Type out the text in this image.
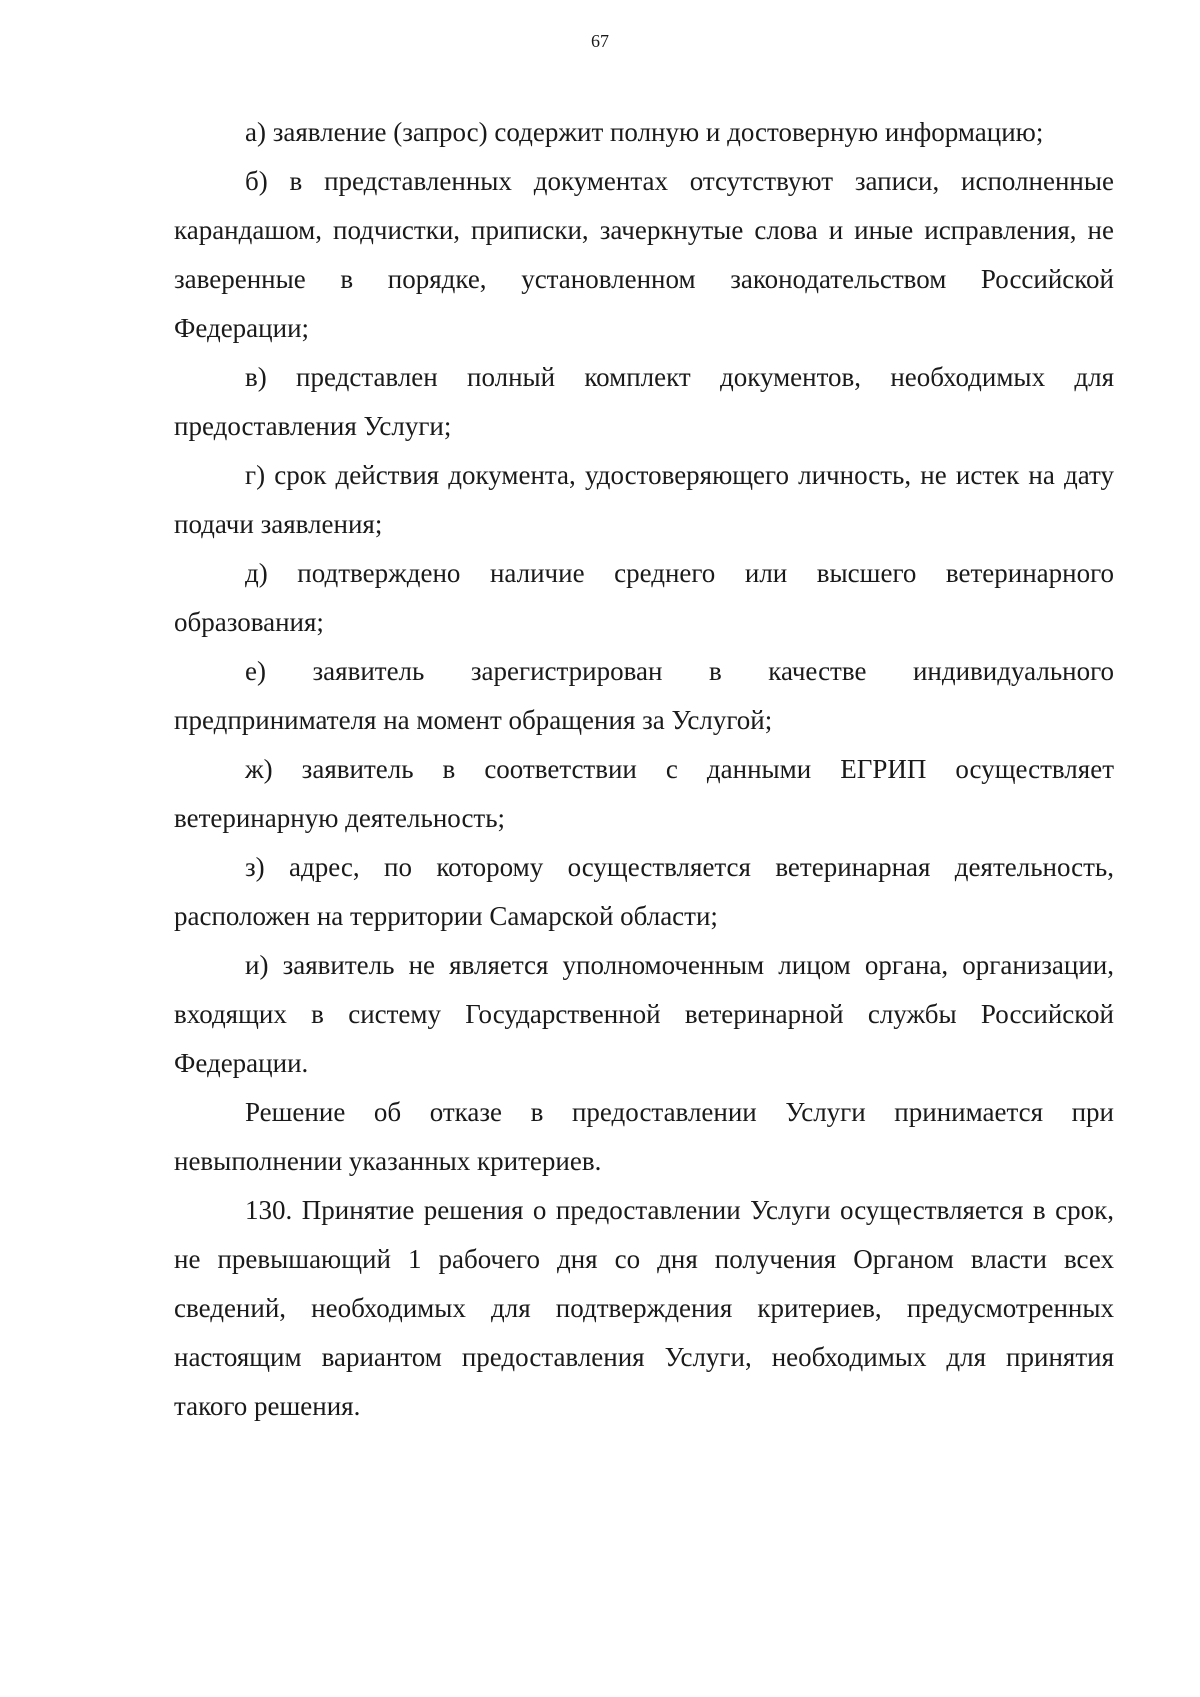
67

а) заявление (запрос) содержит полную и достоверную информацию;

б) в представленных документах отсутствуют записи, исполненные карандашом, подчистки, приписки, зачеркнутые слова и иные исправления, не заверенные в порядке, установленном законодательством Российской Федерации;

в) представлен полный комплект документов, необходимых для предоставления Услуги;

г) срок действия документа, удостоверяющего личность, не истек на дату подачи заявления;

д) подтверждено наличие среднего или высшего ветеринарного образования;

е) заявитель зарегистрирован в качестве индивидуального предпринимателя на момент обращения за Услугой;

ж) заявитель в соответствии с данными ЕГРИП осуществляет ветеринарную деятельность;

з) адрес, по которому осуществляется ветеринарная деятельность, расположен на территории Самарской области;

и) заявитель не является уполномоченным лицом органа, организации, входящих в систему Государственной ветеринарной службы Российской Федерации.

Решение об отказе в предоставлении Услуги принимается при невыполнении указанных критериев.

130. Принятие решения о предоставлении Услуги осуществляется в срок, не превышающий 1 рабочего дня со дня получения Органом власти всех сведений, необходимых для подтверждения критериев, предусмотренных настоящим вариантом предоставления Услуги, необходимых для принятия такого решения.
